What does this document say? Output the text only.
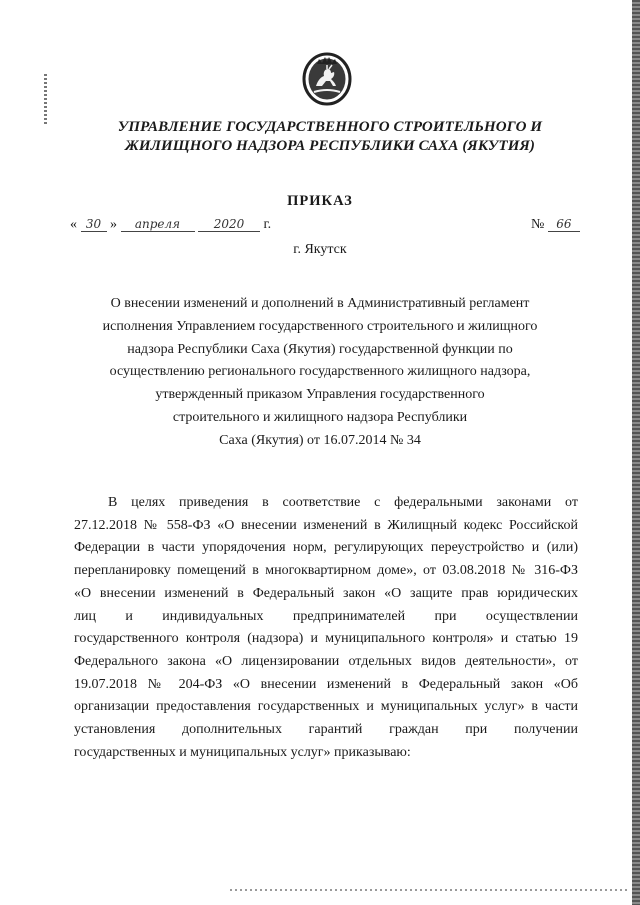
УПРАВЛЕНИЕ ГОСУДАРСТВЕННОГО СТРОИТЕЛЬНОГО И
ЖИЛИЩНОГО НАДЗОРА РЕСПУБЛИКИ САХА (ЯКУТИЯ)
ПРИКАЗ
« 30 » апреля	2020 г.	№ 66
г. Якутск
О внесении изменений и дополнений в Административный регламент
исполнения Управлением государственного строительного и жилищного
надзора Республики Саха (Якутия) государственной функции по
осуществлению регионального государственного жилищного надзора,
утвержденный приказом Управления государственного
строительного и жилищного надзора Республики
Саха (Якутия) от 16.07.2014 № 34
В целях приведения в соответствие с федеральными законами от
27.12.2018 № 558-ФЗ «О внесении изменений в Жилищный кодекс Российской
Федерации в части упорядочения норм, регулирующих переустройство и (или)
перепланировку помещений в многоквартирном доме», от 03.08.2018 № 316-ФЗ
«О внесении изменений в Федеральный закон «О защите прав юридических
лиц и индивидуальных предпринимателей при осуществлении
государственного контроля (надзора) и муниципального контроля» и статью 19
Федерального закона «О лицензировании отдельных видов деятельности», от
19.07.2018 № 204-ФЗ «О внесении изменений в Федеральный закон «Об
организации предоставления государственных и муниципальных услуг» в части
установления дополнительных гарантий граждан при получении
государственных и муниципальных услуг» приказываю:
